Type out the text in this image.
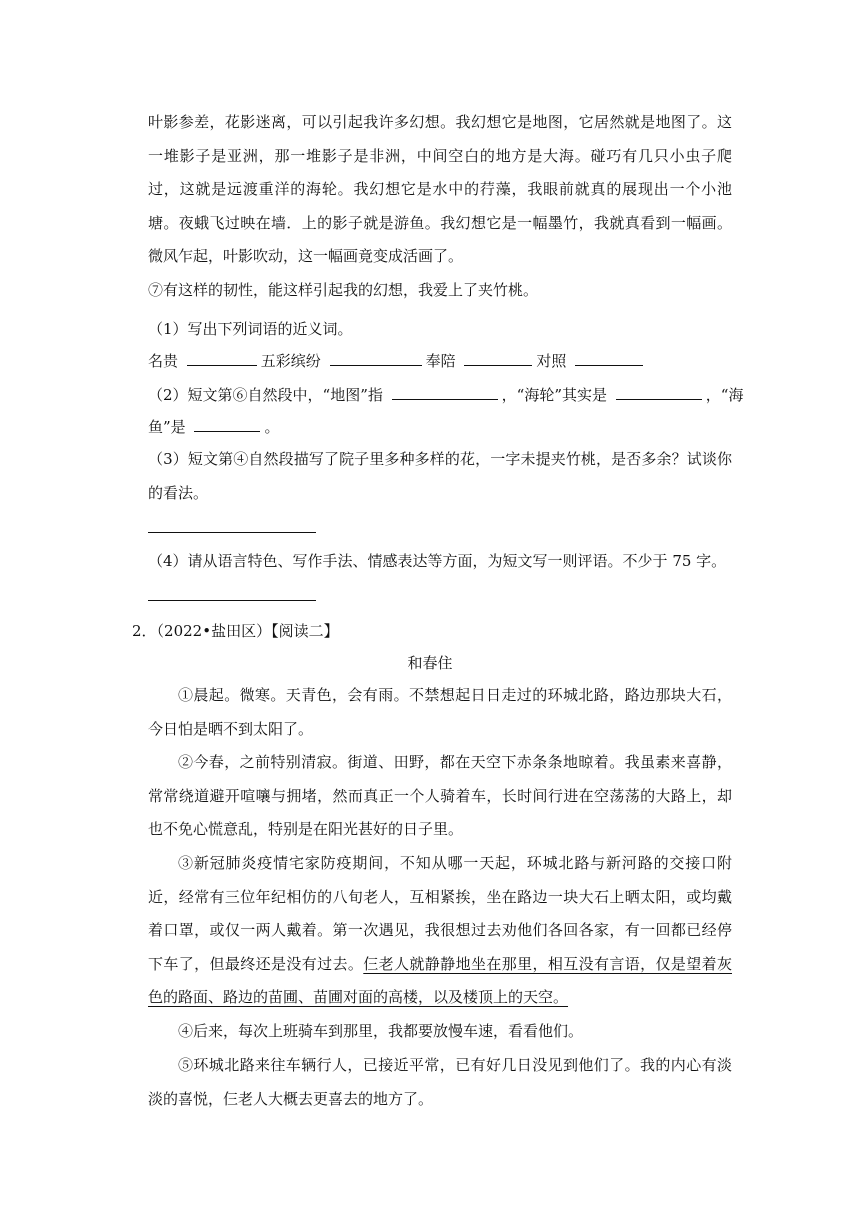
叶影参差，花影迷离，可以引起我许多幻想。我幻想它是地图，它居然就是地图了。这一堆影子是亚洲，那一堆影子是非洲，中间空白的地方是大海。碰巧有几只小虫子爬过，这就是远渡重洋的海轮。我幻想它是水中的荇藻，我眼前就真的展现出一个小池塘。夜蛾飞过映在墙．上的影子就是游鱼。我幻想它是一幅墨竹，我就真看到一幅画。微风乍起，叶影吹动，这一幅画竟变成活画了。

⑦有这样的韧性，能这样引起我的幻想，我爱上了夹竹桃。

（1）写出下列词语的近义词。
名贵	五彩缤纷	奉陪	对照
（2）短文第⑥自然段中，“地图”指	，“海轮”其实是	，“海
鱼”是	。

（3）短文第④自然段描写了院子里多种多样的花，一字未提夹竹桃，是否多余？试谈你的看法。

（4）请从语言特色、写作手法、情感表达等方面，为短文写一则评语。不少于 75 字。
2．（2022•盐田区）【阅读二】
和春住

①晨起。微寒。天青色，会有雨。不禁想起日日走过的环城北路，路边那块大石，今日怕是晒不到太阳了。

②今春，之前特别清寂。街道、田野，都在天空下赤条条地晾着。我虽素来喜静，常常绕道避开喧嚷与拥堵，然而真正一个人骑着车，长时间行进在空荡荡的大路上，却也不免心慌意乱，特别是在阳光甚好的日子里。

③新冠肺炎疫情宅家防疫期间，不知从哪一天起，环城北路与新河路的交接口附近，经常有三位年纪相仿的八旬老人，互相紧挨，坐在路边一块大石上晒太阳，或均戴着口罩，或仅一两人戴着。第一次遇见，我很想过去劝他们各回各家，有一回都已经停下车了，但最终还是没有过去。仨老人就静静地坐在那里，相互没有言语，仅是望着灰色的路面、路边的苗圃、苗圃对面的高楼，以及楼顶上的天空。

④后来，每次上班骑车到那里，我都要放慢车速，看看他们。

⑤环城北路来往车辆行人，已接近平常，已有好几日没见到他们了。我的内心有淡淡的喜悦，仨老人大概去更喜去的地方了。
